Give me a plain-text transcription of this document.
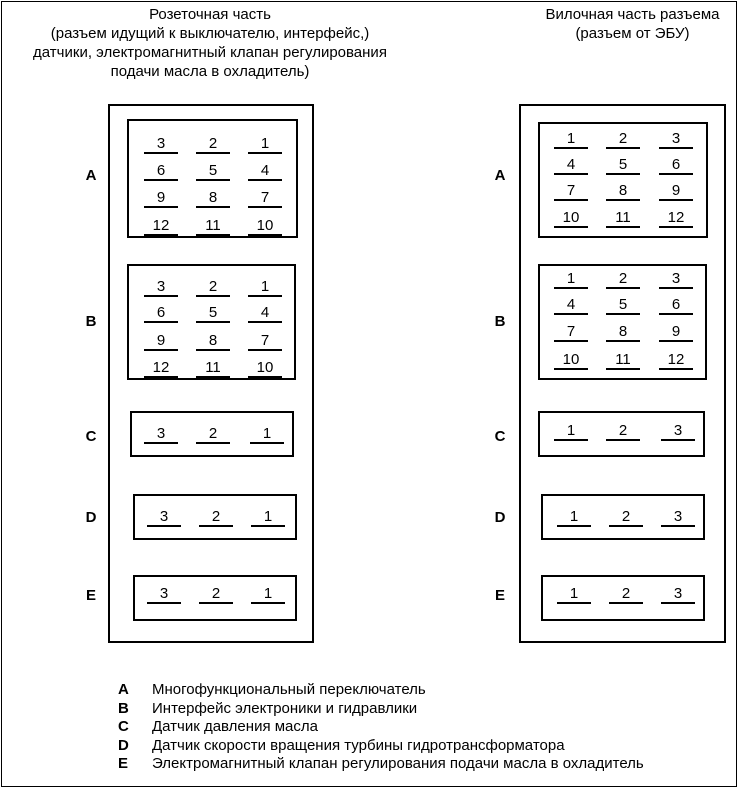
Розеточная часть
(разъем идущий к выключателю, интерфейс,)
датчики, электромагнитный клапан регулирования
подачи масла в охладитель)
Вилочная часть разъема
(разъем от ЭБУ)
A
B
C
D
E
A
B
C
D
E
3	2	1
6	5	4
9	8	7
12	11	10
3	2	1
6	5	4
9	8	7
12	11	10
3	2	1
3	2	1
3	2	1
1	2	3
4	5	6
7	8	9
10	11	12
1	2	3
4	5	6
7	8	9
10	11	12
1	2	3
1	2	3
1	2	3
A	Многофункциональный переключатель
B	Интерфейс электроники и гидравлики
C	Датчик давления масла
D	Датчик скорости вращения турбины гидротрансформатора
E	Электромагнитный клапан регулирования подачи масла в охладитель
